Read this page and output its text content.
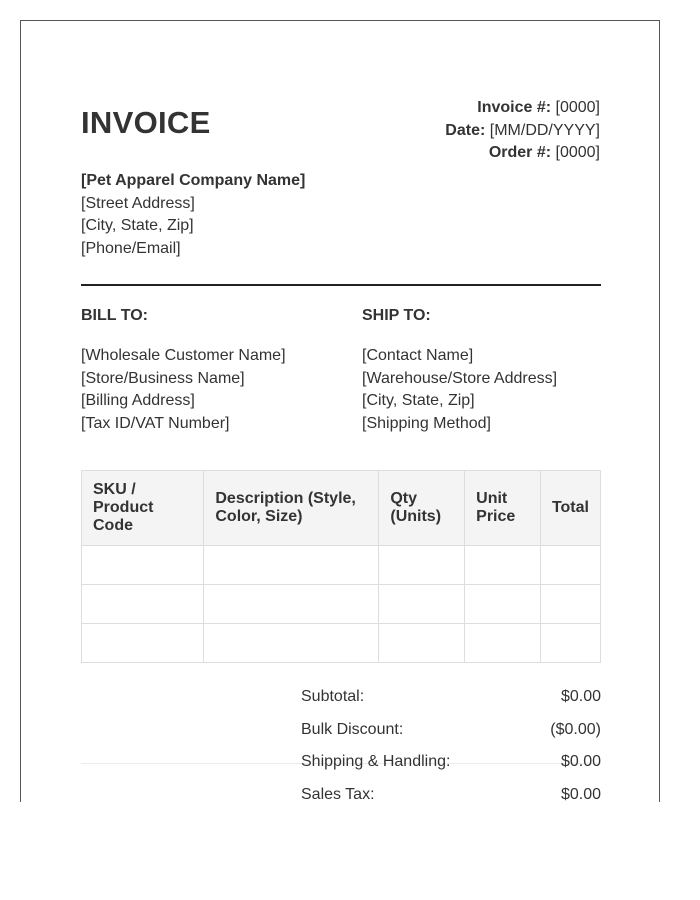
INVOICE	Invoice #: [0000]
Date: [MM/DD/YYYY]
Order #: [0000]
[Pet Apparel Company Name]
[Street Address]
[City, State, Zip]
[Phone/Email]
BILL TO:	SHIP TO:
[Wholesale Customer Name]
[Store/Business Name]
[Billing Address]
[Tax ID/VAT Number]
[Contact Name]
[Warehouse/Store Address]
[City, State, Zip]
[Shipping Method]
SKU / Product Code	Description (Style, Color, Size)	Qty (Units)	Unit Price	Total

Subtotal:	$0.00
Bulk Discount:	($0.00)
Shipping & Handling:	$0.00
Sales Tax:	$0.00
